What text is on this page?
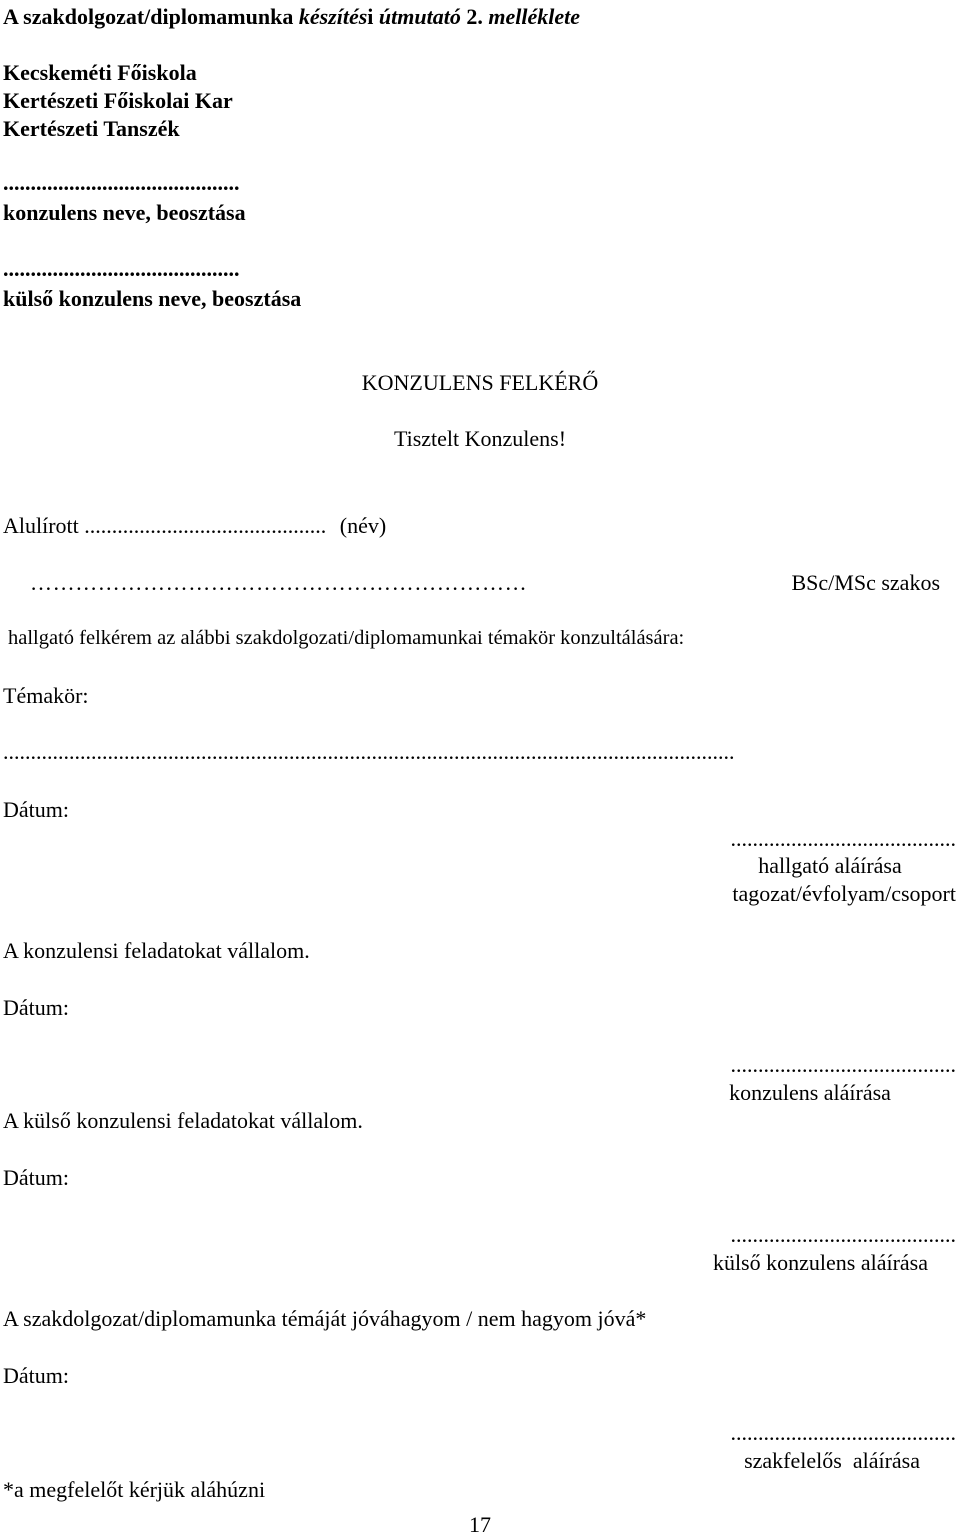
A szakdolgozat/diplomamunka készítési útmutató 2. melléklete
Kecskeméti Főiskola
Kertészeti Főiskolai Kar
Kertészeti Tanszék
...........................................
konzulens neve, beosztása
...........................................
külső konzulens neve, beosztása
KONZULENS FELKÉRŐ
Tisztelt Konzulens!
Alulírott ............................................ (név)
…………………………………………………………	BSc/MSc szakos
hallgató felkérem az alábbi szakdolgozati/diplomamunkai témakör konzultálására:
Témakör:
.....................................................................................................................................
Dátum:
.........................................
hallgató aláírása
tagozat/évfolyam/csoport
A konzulensi feladatokat vállalom.
Dátum:
.........................................
konzulens aláírása
A külső konzulensi feladatokat vállalom.
Dátum:
.........................................
külső konzulens aláírása
A szakdolgozat/diplomamunka témáját jóváhagyom / nem hagyom jóvá*
Dátum:
.........................................
szakfelelős  aláírása
*a megfelelőt kérjük aláhúzni
17
